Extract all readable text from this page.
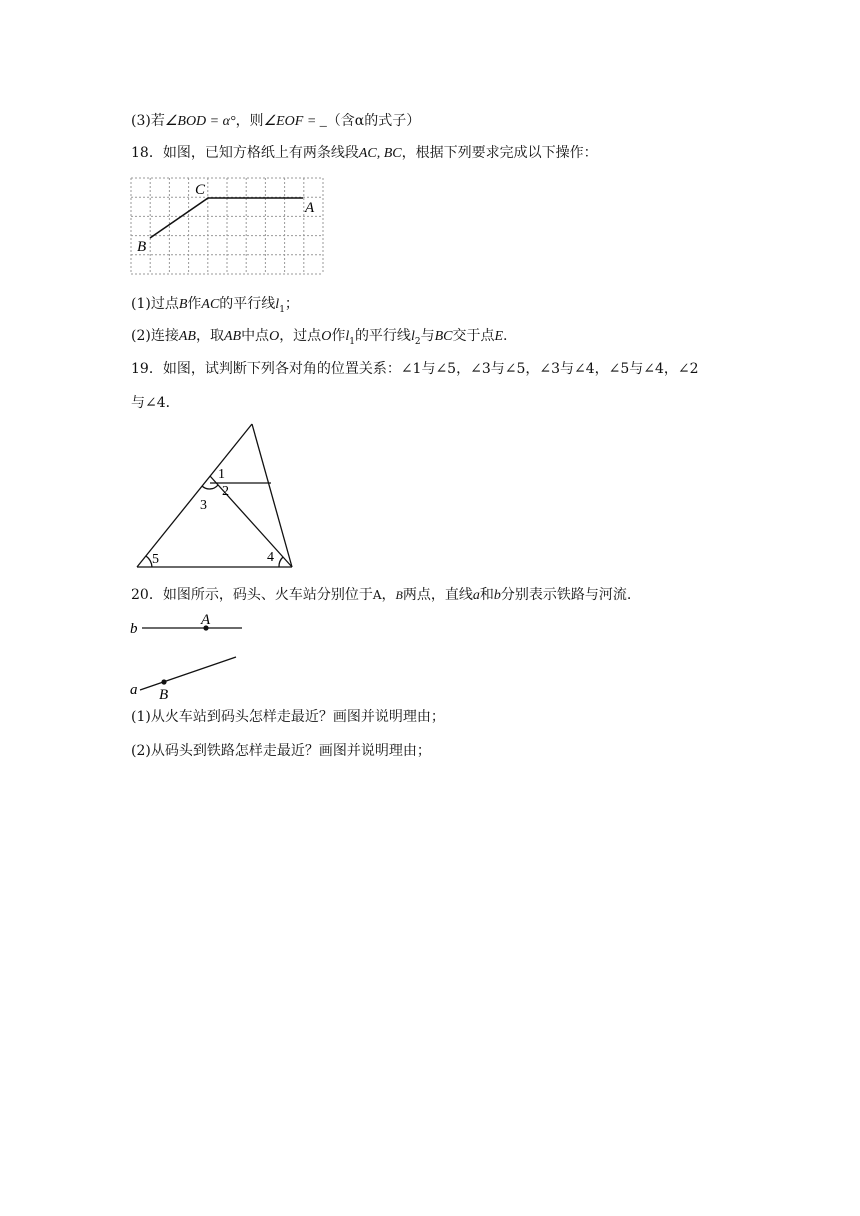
(3)若∠BOD = α°，则∠EOF = _（含α的式子）
18．如图，已知方格纸上有两条线段AC, BC，根据下列要求完成以下操作：
C
A
B
(1)过点B作AC的平行线$l_1$；
(2)连接AB，取AB中点O，过点O作$l_1$的平行线$l_2$与BC交于点E.
19．如图，试判断下列各对角的位置关系：∠1与∠5，∠3与∠5，∠3与∠4，∠5与∠4，∠2
与∠4．
1
2
3
4
5
20．如图所示，码头、火车站分别位于A，B两点，直线a和b分别表示铁路与河流.
b
a
A
B
(1)从火车站到码头怎样走最近？画图并说明理由；
(2)从码头到铁路怎样走最近？画图并说明理由；
